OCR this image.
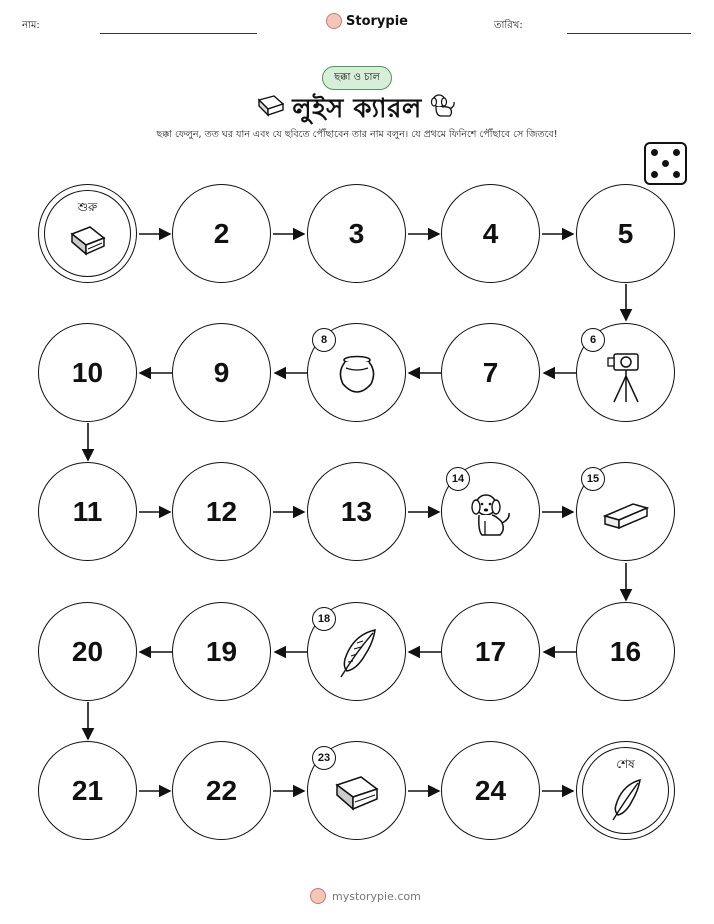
নাম:	Storypie	তারিখ:
ছক্কা ও চাল
লুইস ক্যারল
ছক্কা ফেলুন, তত ঘর যান এবং যে ছবিতে পৌঁছাবেন তার নাম বলুন। যে প্রথমে ফিনিশে পৌঁছাবে সে জিতবে!
শুরু
2	3	4	5
10	9
8
7
6
11	12	13
14	15
20	19
18
17	16
21	22
23
24
শেষ
mystorypie.com
